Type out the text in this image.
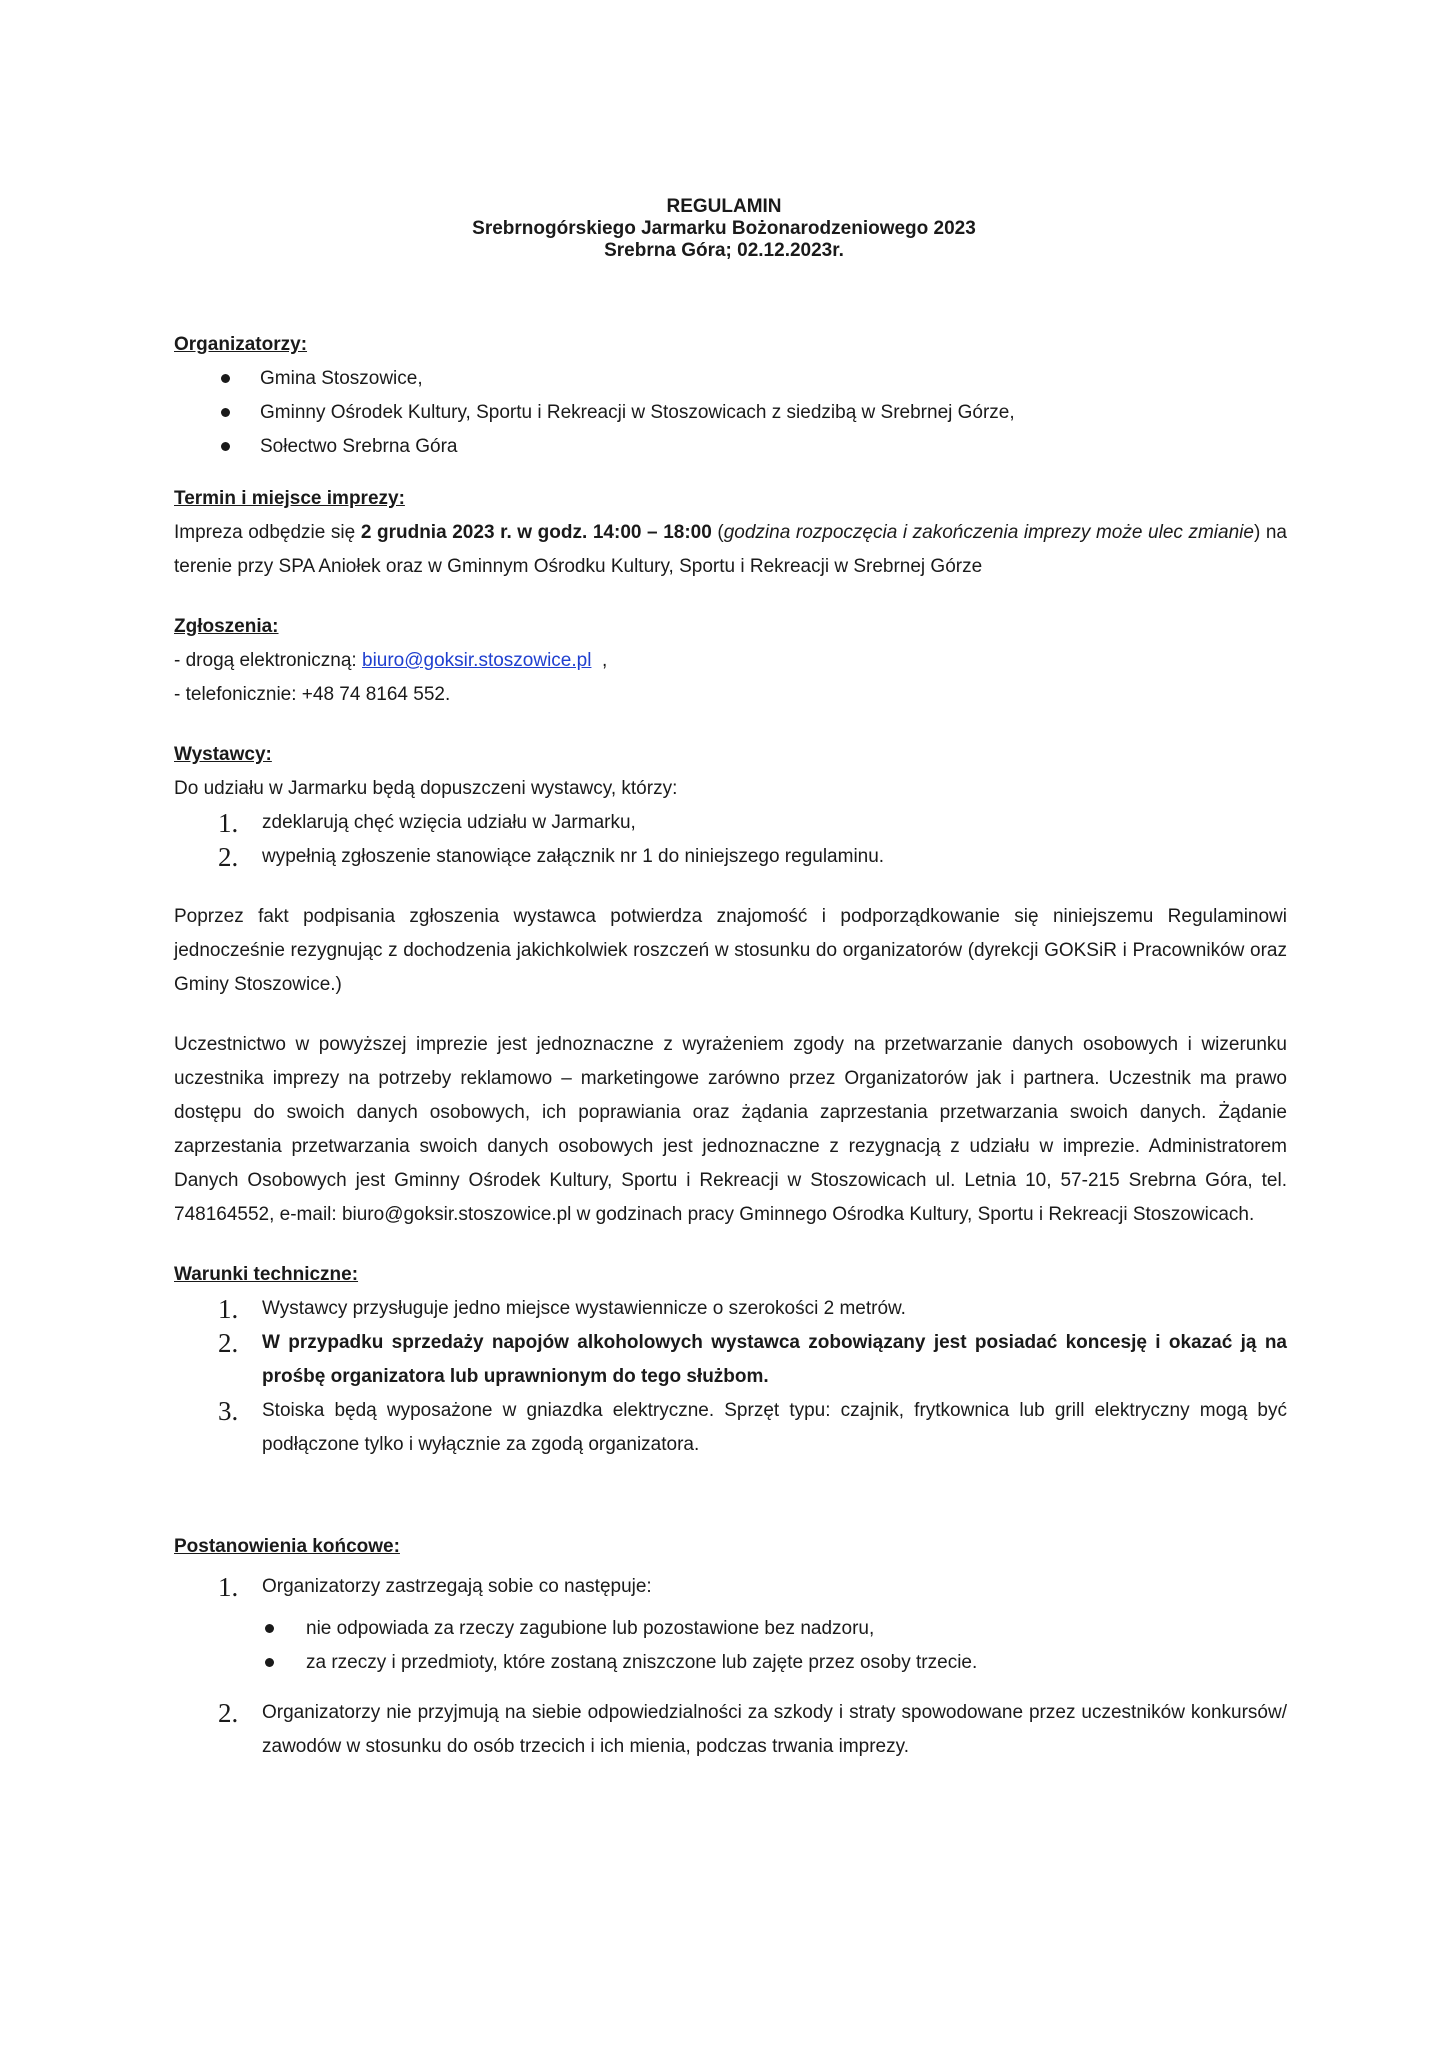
REGULAMIN
Srebrnogórskiego Jarmarku Bożonarodzeniowego 2023
Srebrna Góra; 02.12.2023r.
Organizatorzy:
Gmina Stoszowice,
Gminny Ośrodek Kultury, Sportu i Rekreacji w Stoszowicach z siedzibą w Srebrnej Górze,
Sołectwo Srebrna Góra
Termin i miejsce imprezy:
Impreza odbędzie się 2 grudnia 2023 r. w godz. 14:00 – 18:00 (godzina rozpoczęcia i zakończenia imprezy może ulec zmianie) na terenie przy SPA Aniołek oraz w Gminnym Ośrodku Kultury, Sportu i Rekreacji w Srebrnej Górze
Zgłoszenia:
- drogą elektroniczną: biuro@goksir.stoszowice.pl  ,
- telefonicznie: +48 74 8164 552.
Wystawcy:
Do udziału w Jarmarku będą dopuszczeni wystawcy, którzy:
1. zdeklarują chęć wzięcia udziału w Jarmarku,
2. wypełnią zgłoszenie stanowiące załącznik nr 1 do niniejszego regulaminu.
Poprzez fakt podpisania zgłoszenia wystawca potwierdza znajomość i podporządkowanie się niniejszemu Regulaminowi jednocześnie rezygnując z dochodzenia jakichkolwiek roszczeń w stosunku do organizatorów (dyrekcji GOKSiR i Pracowników oraz Gminy Stoszowice.)
Uczestnictwo w powyższej imprezie jest jednoznaczne z wyrażeniem zgody na przetwarzanie danych osobowych i wizerunku uczestnika imprezy na potrzeby reklamowo – marketingowe zarówno przez Organizatorów jak i partnera. Uczestnik ma prawo dostępu do swoich danych osobowych, ich poprawiania oraz żądania zaprzestania przetwarzania swoich danych. Żądanie zaprzestania przetwarzania swoich danych osobowych jest jednoznaczne z rezygnacją z udziału w imprezie. Administratorem Danych Osobowych jest Gminny Ośrodek Kultury, Sportu i Rekreacji w Stoszowicach ul. Letnia 10, 57-215 Srebrna Góra, tel. 748164552, e-mail: biuro@goksir.stoszowice.pl w godzinach pracy Gminnego Ośrodka Kultury, Sportu i Rekreacji Stoszowicach.
Warunki techniczne:
1. Wystawcy przysługuje jedno miejsce wystawiennicze o szerokości 2 metrów.
2. W przypadku sprzedaży napojów alkoholowych wystawca zobowiązany jest posiadać koncesję i okazać ją na prośbę organizatora lub uprawnionym do tego służbom.
3. Stoiska będą wyposażone w gniazdka elektryczne. Sprzęt typu: czajnik, frytkownica lub grill elektryczny mogą być podłączone tylko i wyłącznie za zgodą organizatora.
Postanowienia końcowe:
1. Organizatorzy zastrzegają sobie co następuje:
nie odpowiada za rzeczy zagubione lub pozostawione bez nadzoru,
za rzeczy i przedmioty, które zostaną zniszczone lub zajęte przez osoby trzecie.
2. Organizatorzy nie przyjmują na siebie odpowiedzialności za szkody i straty spowodowane przez uczestników konkursów/ zawodów w stosunku do osób trzecich i ich mienia, podczas trwania imprezy.
